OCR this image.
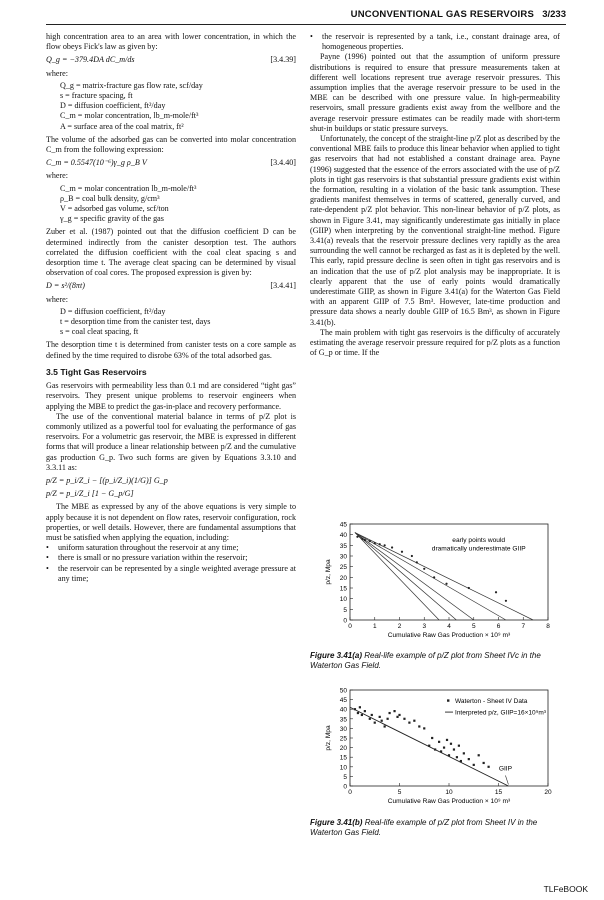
UNCONVENTIONAL GAS RESERVOIRS 3/233

high concentration area to an area with lower concentration, in which the flow obeys Fick's law as given by:

Q_g = −379.4DA dC_m/ds	[3.4.39]

where:

Q_g = matrix-fracture gas flow rate, scf/day
s = fracture spacing, ft
D = diffusion coefficient, ft²/day
C_m = molar concentration, lb_m-mole/ft³
A = surface area of the coal matrix, ft²

The volume of the adsorbed gas can be converted into molar concentration C_m from the following expression:

C_m = 0.5547(10⁻⁶)γ_g ρ_B V	[3.4.40]

where:

C_m = molar concentration lb_m-mole/ft³
ρ_B = coal bulk density, g/cm³
V = adsorbed gas volume, scf/ton
γ_g = specific gravity of the gas

Zuber et al. (1987) pointed out that the diffusion coefficient D can be determined indirectly from the canister desorption test. The authors correlated the diffusion coefficient with the coal cleat spacing s and desorption time t. The average cleat spacing can be determined by visual observation of coal cores. The proposed expression is given by:

D = s²/(8πt)	[3.4.41]

where:

D = diffusion coefficient, ft²/day
t = desorption time from the canister test, days
s = coal cleat spacing, ft

The desorption time t is determined from canister tests on a core sample as defined by the time required to disrobe 63% of the total adsorbed gas.

3.5 Tight Gas Reservoirs

Gas reservoirs with permeability less than 0.1 md are considered “tight gas” reservoirs. They present unique problems to reservoir engineers when applying the MBE to predict the gas-in-place and recovery performance.

The use of the conventional material balance in terms of p/Z plot is commonly utilized as a powerful tool for evaluating the performance of gas reservoirs. For a volumetric gas reservoir, the MBE is expressed in different forms that will produce a linear relationship between p/Z and the cumulative gas production G_p. Two such forms are given by Equations 3.3.10 and 3.3.11 as:

p/Z = p_i/Z_i − [(p_i/Z_i)(1/G)] G_p
p/Z = p_i/Z_i [1 − G_p/G]

The MBE as expressed by any of the above equations is very simple to apply because it is not dependent on flow rates, reservoir configuration, rock properties, or well details. However, there are fundamental assumptions that must be satisfied when applying the equation, including:

•	uniform saturation throughout the reservoir at any time;
•	there is small or no pressure variation within the reservoir;
•	the reservoir can be represented by a single weighted average pressure at any time;
•	the reservoir is represented by a tank, i.e., constant drainage area, of homogeneous properties.

Payne (1996) pointed out that the assumption of uniform pressure distributions is required to ensure that pressure measurements taken at different well locations represent true average reservoir pressures. This assumption implies that the average reservoir pressure to be used in the MBE can be described with one pressure value. In high-permeability reservoirs, small pressure gradients exist away from the wellbore and the average reservoir pressure estimates can be readily made with short-term shut-in buildups or static pressure surveys.

Unfortunately, the concept of the straight-line p/Z plot as described by the conventional MBE fails to produce this linear behavior when applied to tight gas reservoirs that had not established a constant drainage area. Payne (1996) suggested that the essence of the errors associated with the use of p/Z plots in tight gas reservoirs is that substantial pressure gradients exist within the formation, resulting in a violation of the basic tank assumption. These gradients manifest themselves in terms of scattered, generally curved, and rate-dependent p/Z plot behavior. This non-linear behavior of p/Z plots, as shown in Figure 3.41, may significantly underestimate gas initially in place (GIIP) when interpreting by the conventional straight-line method. Figure 3.41(a) reveals that the reservoir pressure declines very rapidly as the area surrounding the well cannot be recharged as fast as it is depleted by the well. This early, rapid pressure decline is seen often in tight gas reservoirs and is an indication that the use of p/Z plot analysis may be inappropriate. It is clearly apparent that the use of early points would dramatically underestimate GIIP, as shown in Figure 3.41(a) for the Waterton Gas Field with an apparent GIIP of 7.5 Bm³. However, late-time production and pressure data shows a nearly double GIIP of 16.5 Bm³, as shown in Figure 3.41(b).

The main problem with tight gas reservoirs is the difficulty of accurately estimating the average reservoir pressure required for p/Z plots as a function of G_p or time. If the

0
5
10
15
20
25
30
35
40
45
0	1	2	3	4	5	6	7	8
Cumulative Raw Gas Production × 10⁹ m³
p/z, Mpa
early points would
dramatically underestimate GIIP
Figure 3.41(a) Real-life example of p/Z plot from Sheet IVc in the Waterton Gas Field.
0
5
10
15
20
25
30
35
40
45
50
0	5	10	15	20
Cumulative Raw Gas Production × 10⁹ m³
p/z, Mpa
Waterton - Sheet IV Data
Interpreted p/z, GIIP=16×10⁹m³
GIIP
Figure 3.41(b) Real-life example of p/Z plot from Sheet IV in the Waterton Gas Field.
TLFeBOOK
